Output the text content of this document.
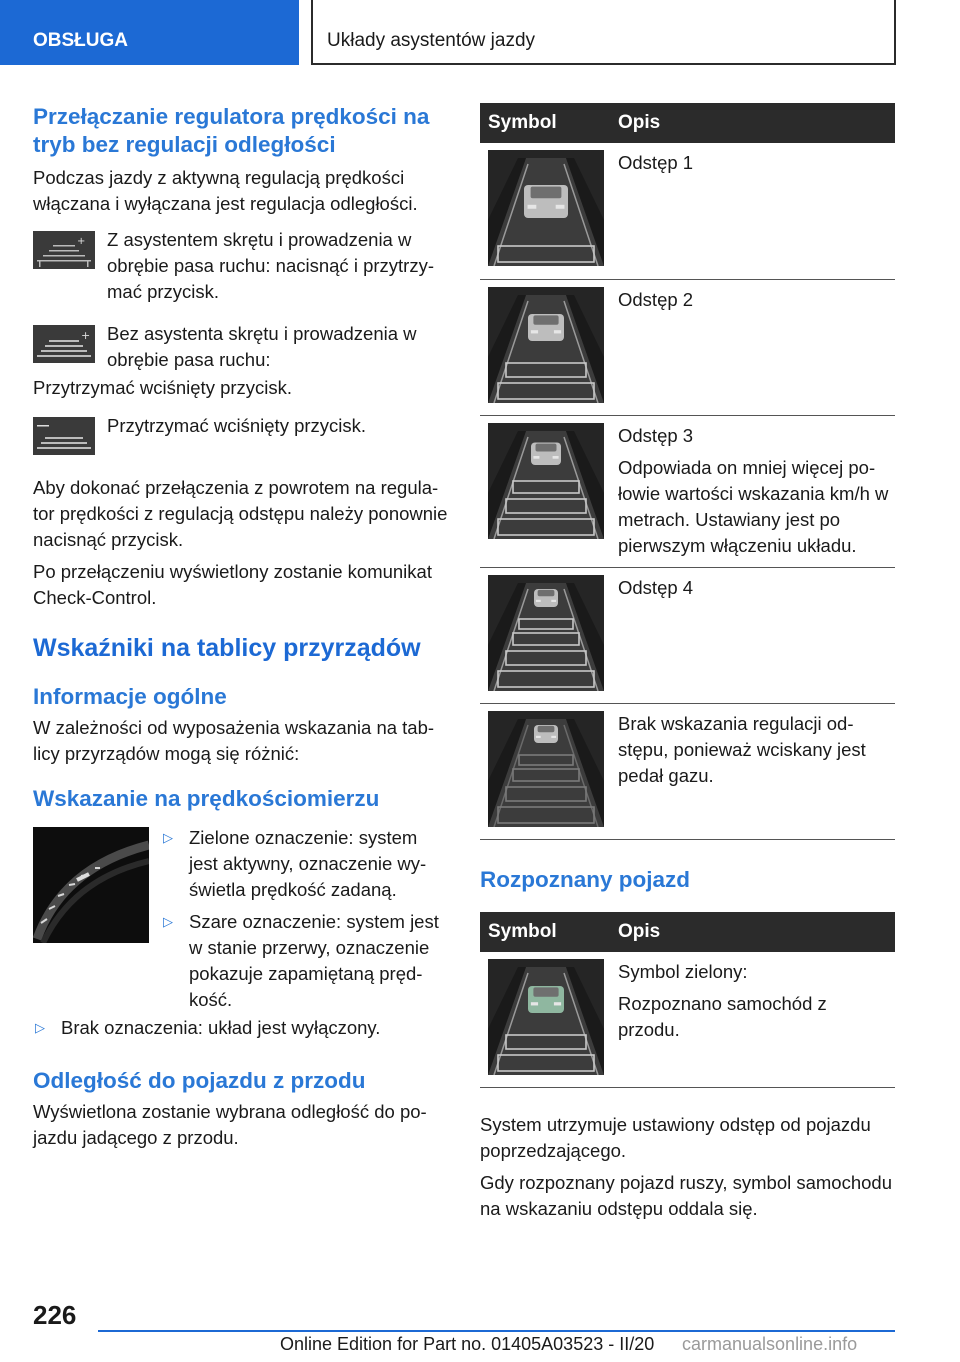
OBSŁUGA	Układy asystentów jazdy
Przełączanie regulatora prędkości na tryb bez regulacji odległości

Podczas jazdy z aktywną regulacją prędkości włączana i wyłączana jest regulacja odległości.

+	Z asystentem skrętu i prowadzenia w obrębie pasa ruchu: nacisnąć i przytrzymać przycisk.
+ Bez asystenta skrętu i prowadzenia w obrębie pasa ruchu:

Przytrzymać wciśnięty przycisk.

Przytrzymać wciśnięty przycisk.

Aby dokonać przełączenia z powrotem na regulator prędkości z regulacją odstępu należy ponownie nacisnąć przycisk.

Po przełączeniu wyświetlony zostanie komunikat Check-Control.

Wskaźniki na tablicy przyrządów
Informacje ogólne

W zależności od wyposażenia wskazania na tablicy przyrządów mogą się różnić:

Wskazanie na prędkościomierzu
▷ Zielone oznaczenie: system jest aktywny, oznaczenie wyświetla prędkość zadaną.
▷ Szare oznaczenie: system jest w stanie przerwy, oznaczenie pokazuje zapamiętaną prędkość.
▷ Brak oznaczenia: układ jest wyłączony.
Odległość do pojazdu z przodu

Wyświetlona zostanie wybrana odległość do pojazdu jadącego z przodu.

Symbol	Opis

Odstęp 1

Odstęp 2

Odstęp 3

Odpowiada on mniej więcej połowie wartości wskazania km/h w metrach. Ustawiany jest po pierwszym włączeniu układu.

Odstęp 4

Brak wskazania regulacji odstępu, ponieważ wciskany jest pedał gazu.

Rozpoznany pojazd
Symbol	Opis

Symbol zielony:

Rozpoznano samochód z przodu.

System utrzymuje ustawiony odstęp od pojazdu poprzedzającego.

Gdy rozpoznany pojazd ruszy, symbol samochodu na wskazaniu odstępu oddala się.

226
Online Edition for Part no. 01405A03523 - II/20 carmanualsonline.info
